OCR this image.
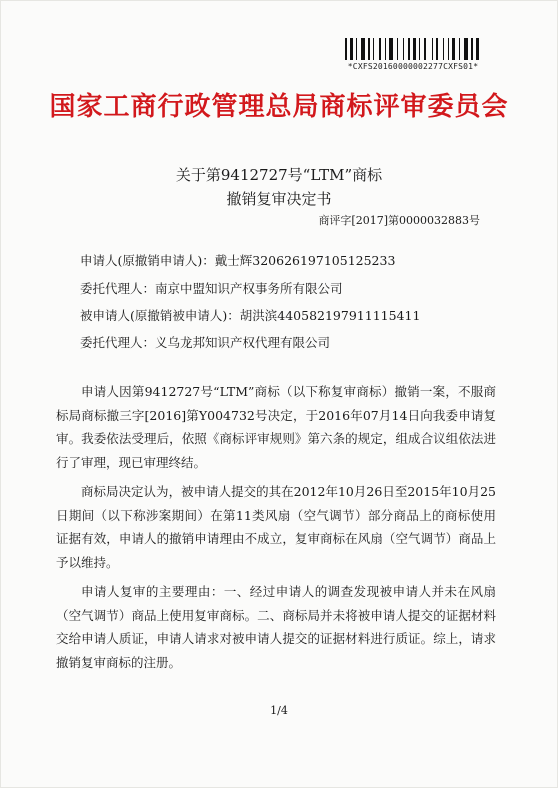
*CXFS20160000002277CXFS01*
国家工商行政管理总局商标评审委员会
关于第9412727号“LTM”商标
撤销复审决定书
商评字[2017]第0000032883号
申请人(原撤销申请人)：戴士辉320626197105125233
委托代理人：南京中盟知识产权事务所有限公司
被申请人(原撤销被申请人)：胡洪滨440582197911115411
委托代理人：义乌龙邦知识产权代理有限公司

申请人因第9412727号“LTM”商标（以下称复审商标）撤销一案，不服商标局商标撤三字[2016]第Y004732号决定，于2016年07月14日向我委申请复审。我委依法受理后，依照《商标评审规则》第六条的规定，组成合议组依法进行了审理，现已审理终结。

商标局决定认为，被申请人提交的其在2012年10月26日至2015年10月25日期间（以下称涉案期间）在第11类风扇（空气调节）部分商品上的商标使用证据有效，申请人的撤销申请理由不成立，复审商标在风扇（空气调节）商品上予以维持。

申请人复审的主要理由：一、经过申请人的调查发现被申请人并未在风扇（空气调节）商品上使用复审商标。二、商标局并未将被申请人提交的证据材料交给申请人质证，申请人请求对被申请人提交的证据材料进行质证。综上，请求撤销复审商标的注册。

1/4
